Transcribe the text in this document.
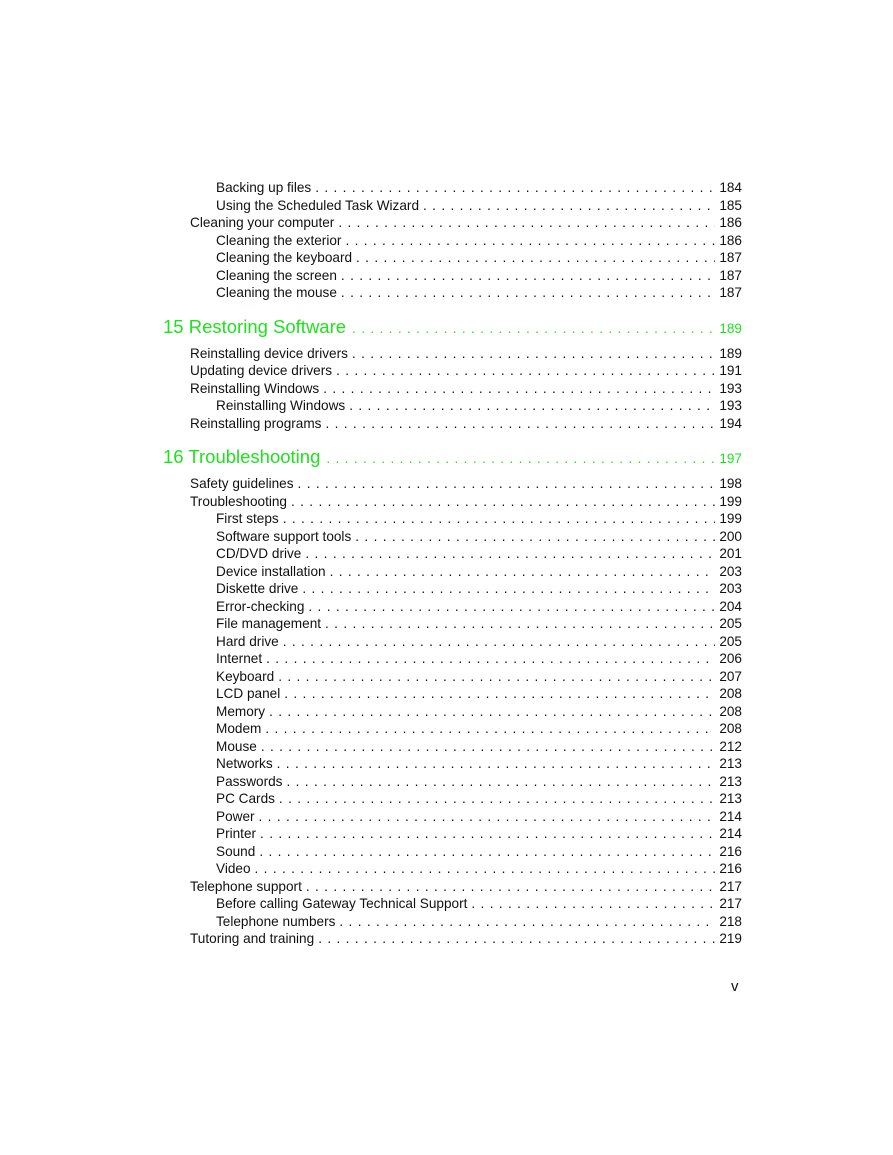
Backing up files . . .	184
Using the Scheduled Task Wizard . . .	185
Cleaning your computer . . .	186
Cleaning the exterior . . .	186
Cleaning the keyboard . . .	187
Cleaning the screen . . .	187
Cleaning the mouse . . .	187
15 Restoring Software . . .	189
Reinstalling device drivers . . .	189
Updating device drivers . . .	191
Reinstalling Windows . . .	193
Reinstalling Windows . . .	193
Reinstalling programs . . .	194
16 Troubleshooting . . .	197
Safety guidelines . . .	198
Troubleshooting . . .	199
First steps . . .	199
Software support tools . . .	200
CD/DVD drive . . .	201
Device installation . . .	203
Diskette drive . . .	203
Error-checking . . .	204
File management . . .	205
Hard drive . . .	205
Internet . . .	206
Keyboard . . .	207
LCD panel . . .	208
Memory . . .	208
Modem . . .	208
Mouse . . .	212
Networks . . .	213
Passwords . . .	213
PC Cards . . .	213
Power . . .	214
Printer . . .	214
Sound . . .	216
Video . . .	216
Telephone support . . .	217
Before calling Gateway Technical Support . . .	217
Telephone numbers . . .	218
Tutoring and training . . .	219
v
